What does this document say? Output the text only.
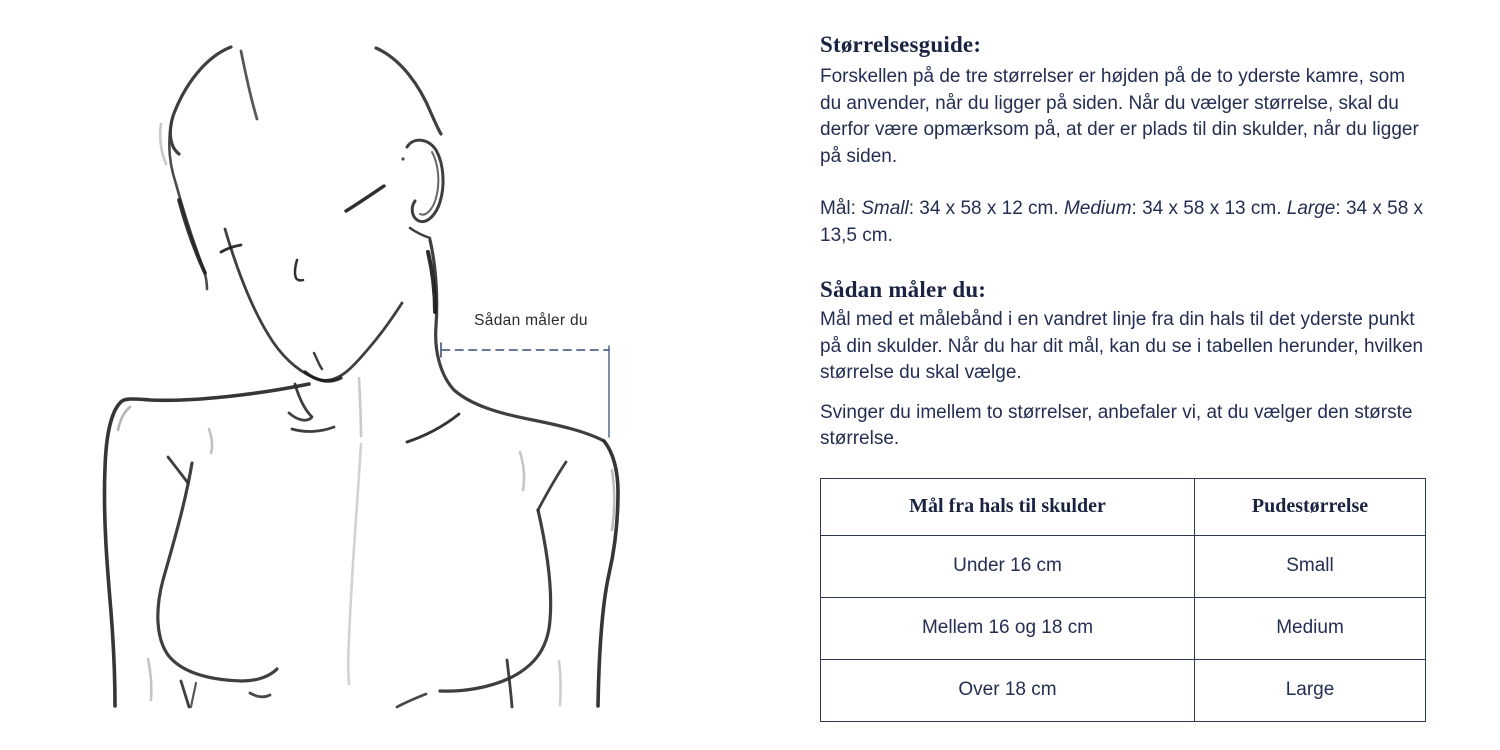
Sådan måler du
Størrelsesguide:

Forskellen på de tre størrelser er højden på de to yderste kamre, som du anvender, når du ligger på siden. Når du vælger størrelse, skal du derfor være opmærksom på, at der er plads til din skulder, når du ligger på siden.

Mål: Small: 34 x 58 x 12 cm. Medium: 34 x 58 x 13 cm. Large: 34 x 58 x 13,5 cm.

Sådan måler du:

Mål med et målebånd i en vandret linje fra din hals til det yderste punkt på din skulder. Når du har dit mål, kan du se i tabellen herunder, hvilken størrelse du skal vælge.

Svinger du imellem to størrelser, anbefaler vi, at du vælger den største størrelse.

Mål fra hals til skulder	Pudestørrelse
Under 16 cm	Small
Mellem 16 og 18 cm	Medium
Over 18 cm	Large
